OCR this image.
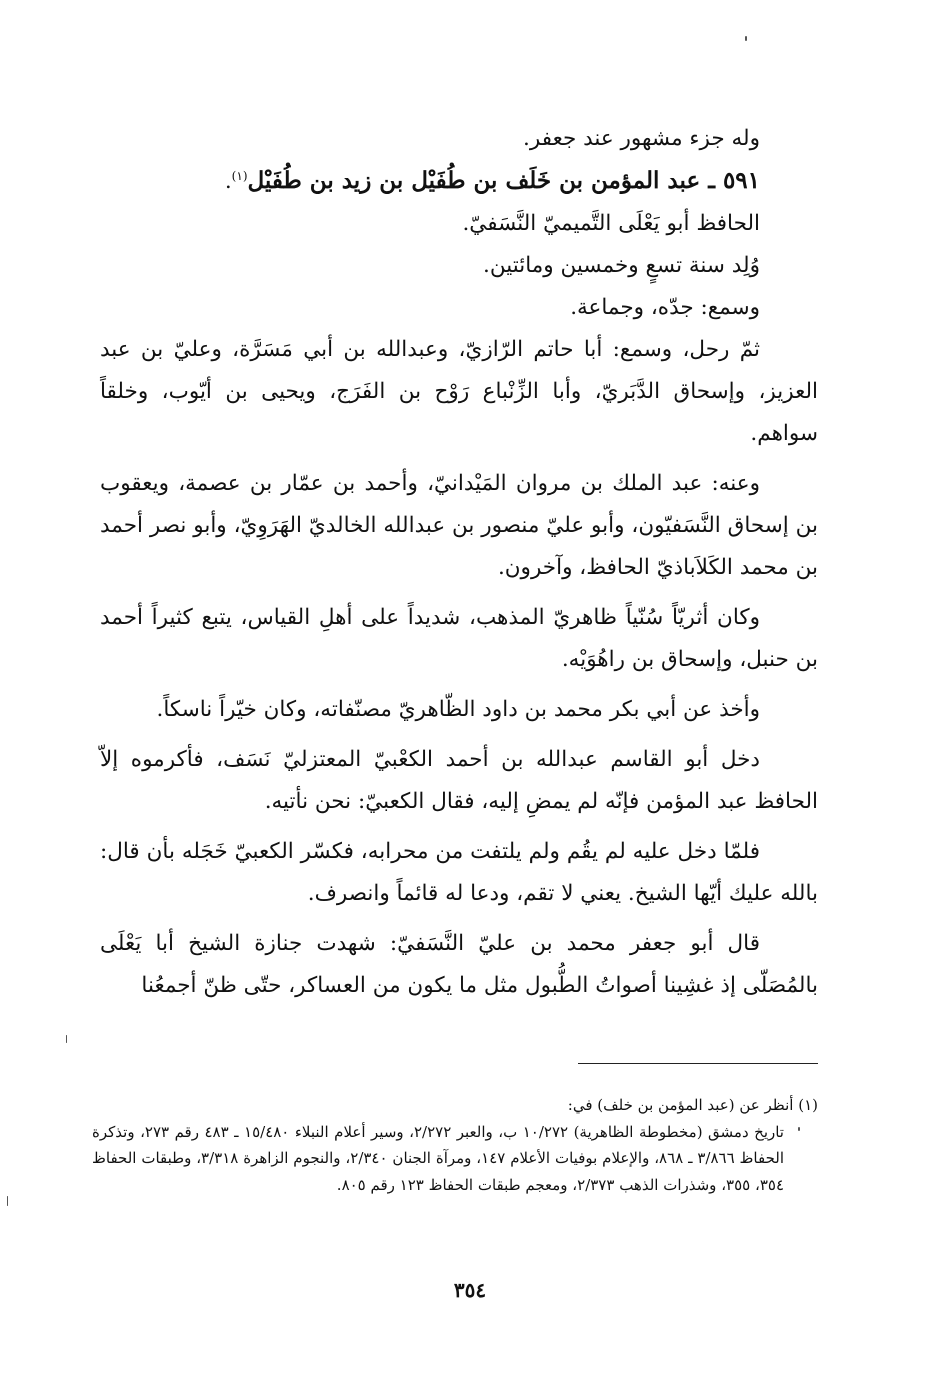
وله جزء مشهور عند جعفر.

٥٩١ ـ عبد المؤمن بن خَلَف بن طُفَيْل بن زيد بن طُفَيْل$^{(١)}$.

الحافظ أبو يَعْلَى التَّميميّ النَّسَفيّ.

وُلِد سنة تسعٍ وخمسين ومائتين.

وسمع: جدّه، وجماعة.

ثمّ رحل، وسمع: أبا حاتم الرّازيّ، وعبدالله بن أبي مَسَرَّة، وعليّ بن عبد العزيز، وإسحاق الدَّبَريّ، وأبا الزِّنْباع رَوْح بن الفَرَج، ويحيى بن أيّوب، وخلقاً سواهم.

وعنه: عبد الملك بن مروان المَيْدانيّ، وأحمد بن عمّار بن عصمة، ويعقوب بن إسحاق النَّسَفيّون، وأبو عليّ منصور بن عبدالله الخالديّ الهَرَوِيّ، وأبو نصر أحمد بن محمد الكَلاَباذيّ الحافظ، وآخرون.

وكان أثريّاً سُنّياً ظاهريّ المذهب، شديداً على أهلِ القياس، يتبع كثيراً أحمد بن حنبل، وإسحاق بن راهُوَيْه.

وأخذ عن أبي بكر محمد بن داود الظّاهريّ مصنّفاته، وكان خيّراً ناسكاً.

دخل أبو القاسم عبدالله بن أحمد الكعْبيّ المعتزليّ نَسَف، فأكرموه إلاّ الحافظ عبد المؤمن فإنّه لم يمضِ إليه، فقال الكعبيّ: نحن نأتيه.

فلمّا دخل عليه لم يقُم ولم يلتفت من محرابه، فكسّر الكعبيّ خَجَله بأن قال: بالله عليك أيّها الشيخ. يعني لا تقم، ودعا له قائماً وانصرف.

قال أبو جعفر محمد بن عليّ النَّسَفيّ: شهدت جنازة الشيخ أبا يَعْلَى بالمُصَلّى إذ غشِينا أصواتُ الطُّبول مثل ما يكون من العساكر، حتّى ظنّ أجمعُنا

(١) أنظر عن (عبد المؤمن بن خلف) في:

تاريخ دمشق (مخطوطة الظاهرية) ١٠/٢٧٢ ب، والعبر ٢/٢٧٢، وسير أعلام النبلاء ١٥/٤٨٠ ـ ٤٨٣ رقم ٢٧٣، وتذكرة الحفاظ ٣/٨٦٦ ـ ٨٦٨، والإعلام بوفيات الأعلام ١٤٧، ومرآة الجنان ٢/٣٤٠، والنجوم الزاهرة ٣/٣١٨، وطبقات الحفاظ ٣٥٤، ٣٥٥، وشذرات الذهب ٢/٣٧٣، ومعجم طبقات الحفاظ ١٢٣ رقم ٨٠٥.

٣٥٤
